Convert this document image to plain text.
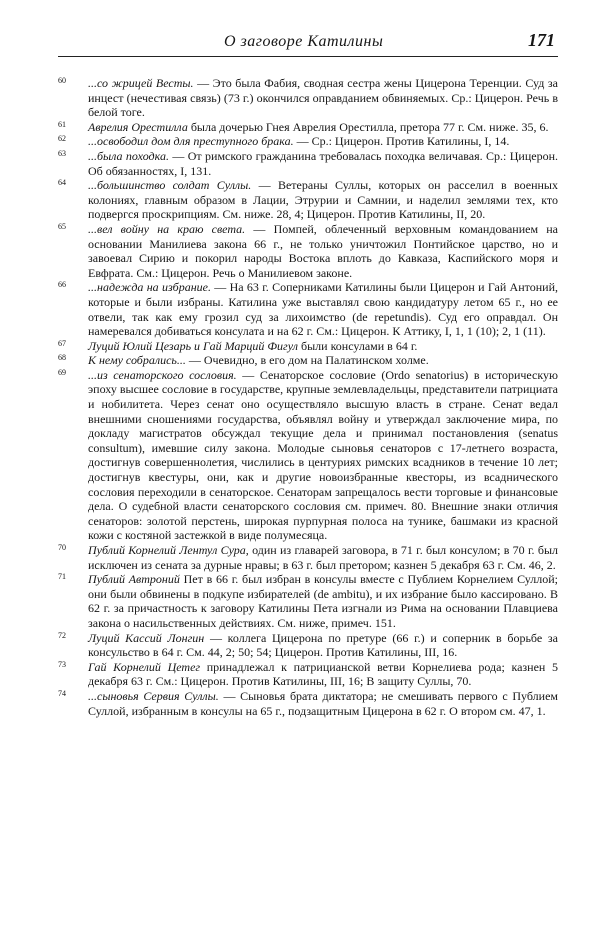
О заговоре Катилины	171
60 ...со жрицей Весты. — Это была Фабия, сводная сестра жены Цицерона Теренции. Суд за инцест (нечестивая связь) (73 г.) окончился оправданием обвиняемых. Ср.: Цицерон. Речь в белой тоге.
61 Аврелия Орестилла была дочерью Гнея Аврелия Орестилла, претора 77 г. См. ниже. 35, 6.
62 ...освободил дом для преступного брака. — Ср.: Цицерон. Против Катилины, I, 14.
63 ...была походка. — От римского гражданина требовалась походка величавая. Ср.: Цицерон. Об обязанностях, I, 131.
64 ...большинство солдат Суллы. — Ветераны Суллы, которых он расселил в военных колониях, главным образом в Лации, Этрурии и Самнии, и наделил землями тех, кто подвергся проскрипциям. См. ниже. 28, 4; Цицерон. Против Катилины, II, 20.
65 ...вел войну на краю света. — Помпей, облеченный верховным командованием на основании Манилиева закона 66 г., не только уничтожил Понтийское царство, но и завоевал Сирию и покорил народы Востока вплоть до Кавказа, Каспийского моря и Евфрата. См.: Цицерон. Речь о Манилиевом законе.
66 ...надежда на избрание. — На 63 г. Соперниками Катилины были Цицерон и Гай Антоний, которые и были избраны. Катилина уже выставлял свою кандидатуру летом 65 г., но ее отвели, так как ему грозил суд за лихоимство (de repetundis). Суд его оправдал. Он намеревался добиваться консулата и на 62 г. См.: Цицерон. К Аттику, I, 1, 1 (10); 2, 1 (11).
67 Луций Юлий Цезарь и Гай Марций Фигул были консулами в 64 г.
68 К нему собрались... — Очевидно, в его дом на Палатинском холме.
69 ...из сенаторского сословия. — Сенаторское сословие (Ordo senatorius) в историческую эпоху высшее сословие в государстве, крупные землевладельцы, представители патрициата и нобилитета. Через сенат оно осуществляло высшую власть в стране. Сенат ведал внешними сношениями государства, объявлял войну и утверждал заключение мира, по докладу магистратов обсуждал текущие дела и принимал постановления (senatus consultum), имевшие силу закона. Молодые сыновья сенаторов с 17-летнего возраста, достигнув совершеннолетия, числились в центуриях римских всадников в течение 10 лет; достигнув квестуры, они, как и другие новоизбранные квесторы, из всаднического сословия переходили в сенаторское. Сенаторам запрещалось вести торговые и финансовые дела. О судебной власти сенаторского сословия см. примеч. 80. Внешние знаки отличия сенаторов: золотой перстень, широкая пурпурная полоса на тунике, башмаки из красной кожи с костяной застежкой в виде полумесяца.
70 Публий Корнелий Лентул Сура, один из главарей заговора, в 71 г. был консулом; в 70 г. был исключен из сената за дурные нравы; в 63 г. был претором; казнен 5 декабря 63 г. См. 46, 2.
71 Публий Автроний Пет в 66 г. был избран в консулы вместе с Публием Корнелием Суллой; они были обвинены в подкупе избирателей (de ambitu), и их избрание было кассировано. В 62 г. за причастность к заговору Катилины Пета изгнали из Рима на основании Плавциева закона о насильственных действиях. См. ниже, примеч. 151.
72 Луций Кассий Лонгин — коллега Цицерона по претуре (66 г.) и соперник в борьбе за консульство в 64 г. См. 44, 2; 50; 54; Цицерон. Против Катилины, III, 16.
73 Гай Корнелий Цетег принадлежал к патрицианской ветви Корнелиева рода; казнен 5 декабря 63 г. См.: Цицерон. Против Катилины, III, 16; В защиту Суллы, 70.
74 ...сыновья Сервия Суллы. — Сыновья брата диктатора; не смешивать первого с Публием Суллой, избранным в консулы на 65 г., подзащитным Цицерона в 62 г. О втором см. 47, 1.
